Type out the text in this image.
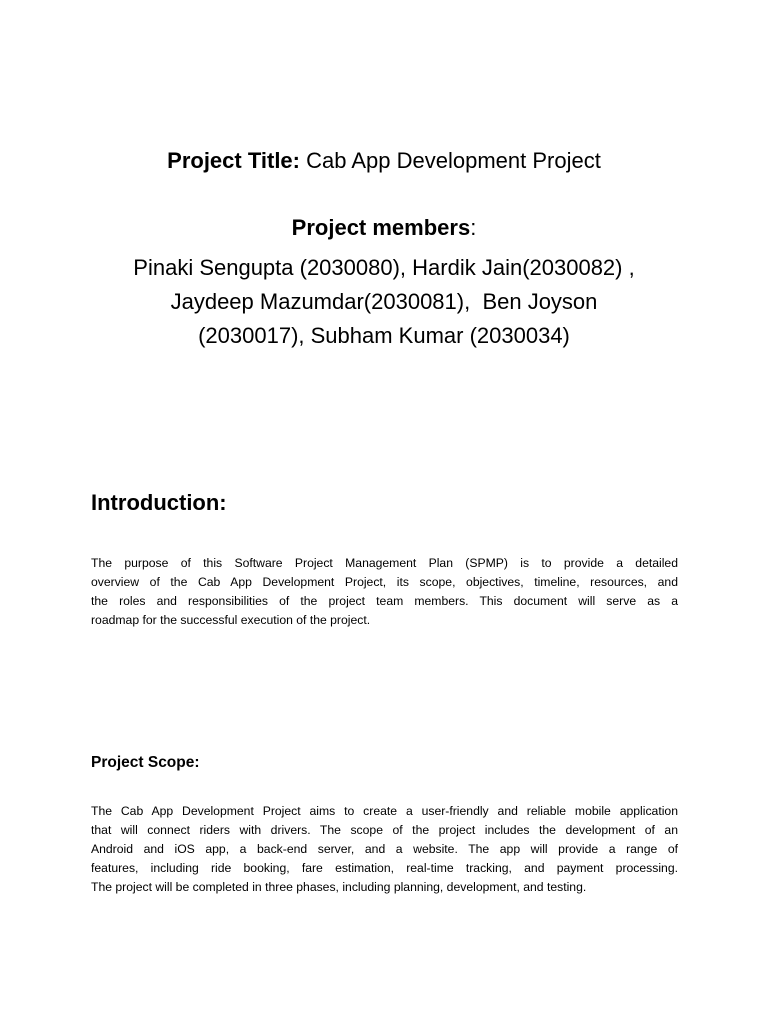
Project Title: Cab App Development Project
Project members:
Pinaki Sengupta (2030080), Hardik Jain(2030082) ,
Jaydeep Mazumdar(2030081),  Ben Joyson
(2030017), Subham Kumar (2030034)
Introduction:
The purpose of this Software Project Management Plan (SPMP) is to provide a detailed
overview of the Cab App Development Project, its scope, objectives, timeline, resources, and
the roles and responsibilities of the project team members. This document will serve as a
roadmap for the successful execution of the project.
Project Scope:
The Cab App Development Project aims to create a user-friendly and reliable mobile application
that will connect riders with drivers. The scope of the project includes the development of an
Android and iOS app, a back-end server, and a website. The app will provide a range of
features, including ride booking, fare estimation, real-time tracking, and payment processing.
The project will be completed in three phases, including planning, development, and testing.
